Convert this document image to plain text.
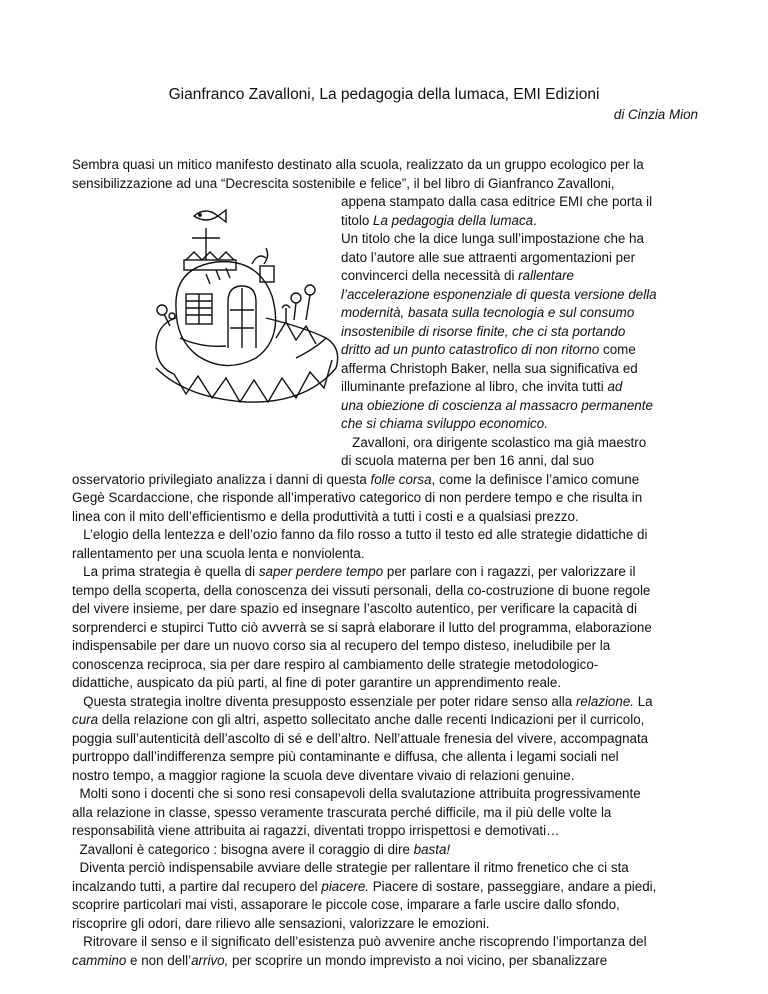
Gianfranco Zavalloni, La pedagogia della lumaca, EMI Edizioni
di Cinzia Mion
Sembra quasi un mitico manifesto destinato alla scuola, realizzato da un gruppo ecologico per la
sensibilizzazione ad una “Decrescita sostenibile e felice”, il bel libro di Gianfranco Zavalloni,
appena stampato dalla casa editrice EMI che porta il
titolo La pedagogia della lumaca.
Un titolo che la dice lunga sull’impostazione che ha
dato l’autore alle sue attraenti argomentazioni per
convincerci della necessità di rallentare
l’accelerazione esponenziale di questa versione della
modernità, basata sulla tecnologia e sul consumo
insostenibile di risorse finite, che ci sta portando
dritto ad un punto catastrofico di non ritorno come
afferma Christoph Baker, nella sua significativa ed
illuminante prefazione al libro, che invita tutti ad
una obiezione di coscienza al massacro permanente
che si chiama sviluppo economico.
Zavalloni, ora dirigente scolastico ma già maestro
di scuola materna per ben 16 anni, dal suo
osservatorio privilegiato analizza i danni di questa folle corsa, come la definisce l’amico comune
Gegè Scardaccione, che risponde all’imperativo categorico di non perdere tempo e che risulta in
linea con il mito dell’efficientismo e della produttività a tutti i costi e a qualsiasi prezzo.
L’elogio della lentezza e dell’ozio fanno da filo rosso a tutto il testo ed alle strategie didattiche di
rallentamento per una scuola lenta e nonviolenta.
La prima strategia è quella di saper perdere tempo per parlare con i ragazzi, per valorizzare il
tempo della scoperta, della conoscenza dei vissuti personali, della co-costruzione di buone regole
del vivere insieme, per dare spazio ed insegnare l’ascolto autentico, per verificare la capacità di
sorprenderci e stupirci Tutto ciò avverrà se si saprà elaborare il lutto del programma, elaborazione
indispensabile per dare un nuovo corso sia al recupero del tempo disteso, ineludibile per la
conoscenza reciproca, sia per dare respiro al cambiamento delle strategie metodologico-
didattiche, auspicato da più parti, al fine di poter garantire un apprendimento reale.
Questa strategia inoltre diventa presupposto essenziale per poter ridare senso alla relazione. La
cura della relazione con gli altri, aspetto sollecitato anche dalle recenti Indicazioni per il curricolo,
poggia sull’autenticità dell’ascolto di sé e dell’altro. Nell’attuale frenesia del vivere, accompagnata
purtroppo dall’indifferenza sempre più contaminante e diffusa, che allenta i legami sociali nel
nostro tempo, a maggior ragione la scuola deve diventare vivaio di relazioni genuine.
Molti sono i docenti che si sono resi consapevoli della svalutazione attribuita progressivamente
alla relazione in classe, spesso veramente trascurata perché difficile, ma il più delle volte la
responsabilità viene attribuita ai ragazzi, diventati troppo irrispettosi e demotivati…
Zavalloni è categorico : bisogna avere il coraggio di dire basta!
Diventa perciò indispensabile avviare delle strategie per rallentare il ritmo frenetico che ci sta
incalzando tutti, a partire dal recupero del piacere. Piacere di sostare, passeggiare, andare a piedi,
scoprire particolari mai visti, assaporare le piccole cose, imparare a farle uscire dallo sfondo,
riscoprire gli odori, dare rilievo alle sensazioni, valorizzare le emozioni.
Ritrovare il senso e il significato dell’esistenza può avvenire anche riscoprendo l’importanza del
cammino e non dell’arrivo, per scoprire un mondo imprevisto a noi vicino, per sbanalizzare
